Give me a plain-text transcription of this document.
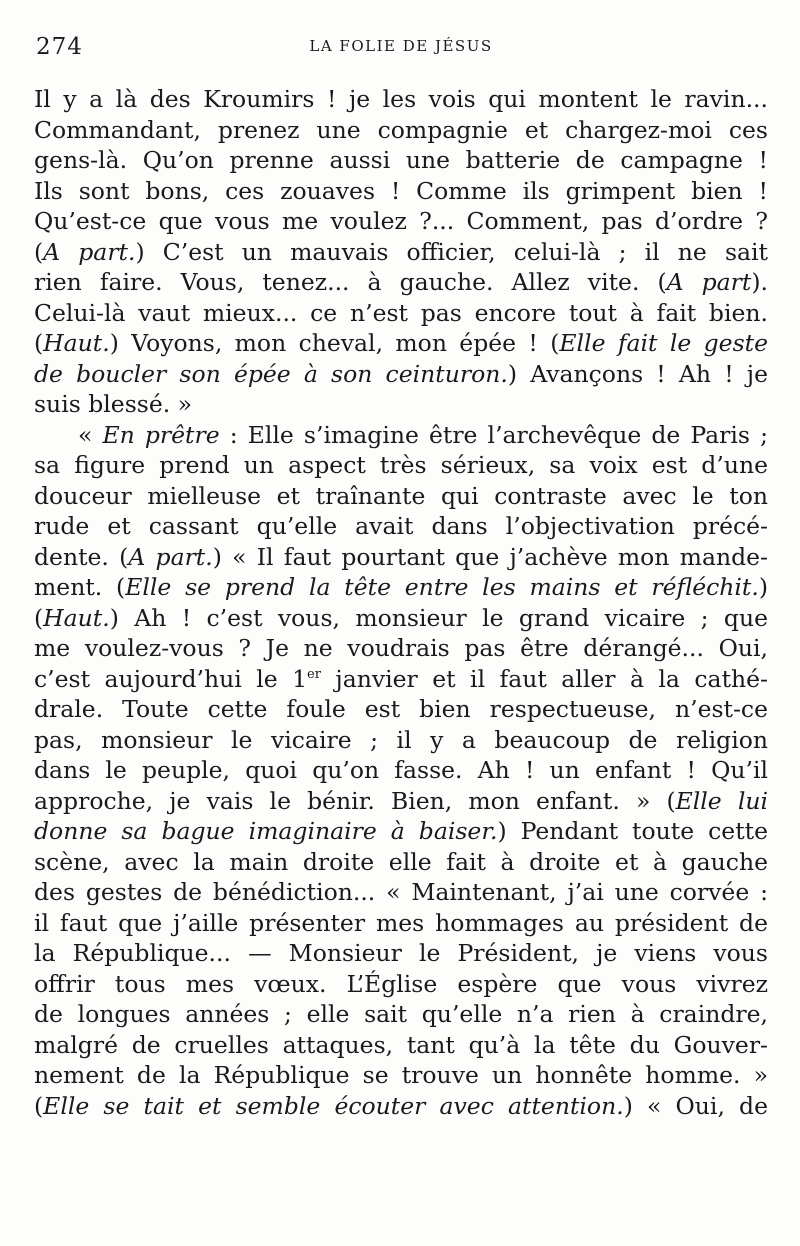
274	LA FOLIE DE JÉSUS
Il y a là des Kroumirs ! je les vois qui montent le ravin...
Commandant, prenez une compagnie et chargez-moi ces
gens-là. Qu’on prenne aussi une batterie de campagne !
Ils sont bons, ces zouaves ! Comme ils grimpent bien !
Qu’est-ce que vous me voulez ?... Comment, pas d’ordre ?
(A part.) C’est un mauvais officier, celui-là ; il ne sait
rien faire. Vous, tenez... à gauche. Allez vite. (A part).
Celui-là vaut mieux... ce n’est pas encore tout à fait bien.
(Haut.) Voyons, mon cheval, mon épée ! (Elle fait le geste
de boucler son épée à son ceinturon.) Avançons ! Ah ! je
suis blessé. »
« En prêtre : Elle s’imagine être l’archevêque de Paris ;
sa figure prend un aspect très sérieux, sa voix est d’une
douceur mielleuse et traînante qui contraste avec le ton
rude et cassant qu’elle avait dans l’objectivation précé-
dente. (A part.) « Il faut pourtant que j’achève mon mande-
ment. (Elle se prend la tête entre les mains et réfléchit.)
(Haut.) Ah ! c’est vous, monsieur le grand vicaire ; que
me voulez-vous ? Je ne voudrais pas être dérangé... Oui,
c’est aujourd’hui le 1er janvier et il faut aller à la cathé-
drale. Toute cette foule est bien respectueuse, n’est-ce
pas, monsieur le vicaire ; il y a beaucoup de religion
dans le peuple, quoi qu’on fasse. Ah ! un enfant ! Qu’il
approche, je vais le bénir. Bien, mon enfant. » (Elle lui
donne sa bague imaginaire à baiser.) Pendant toute cette
scène, avec la main droite elle fait à droite et à gauche
des gestes de bénédiction... « Maintenant, j’ai une corvée :
il faut que j’aille présenter mes hommages au président de
la République... — Monsieur le Président, je viens vous
offrir tous mes vœux. L’Église espère que vous vivrez
de longues années ; elle sait qu’elle n’a rien à craindre,
malgré de cruelles attaques, tant qu’à la tête du Gouver-
nement de la République se trouve un honnête homme. »
(Elle se tait et semble écouter avec attention.) « Oui, de
